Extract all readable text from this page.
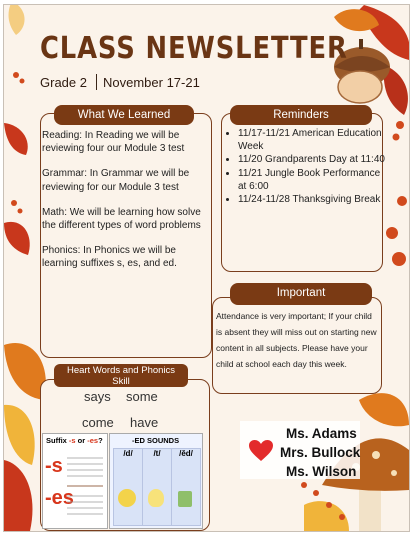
CLASS NEWSLETTER
Grade 2 November 17-21
What We Learned

Reading: In Reading we will be reviewing four our Module 3 test

Grammar: In Grammar we will be reviewing for our Module 3 test

Math: We will be learning how solve the different types of word problems

Phonics: In Phonics we will be learning suffixes s, es, and ed.

Reminders
• 11/17-11/21 American Education Week
• 11/20 Grandparents Day at 11:40
• 11/21 Jungle Book Performance at 6:00
• 11/24-11/28 Thanksgiving Break
Important
Attendance is very important; If your child is absent they will miss out on starting new content in all subjects. Please have your child at school each day this week.
Heart Words and Phonics
Skill
says some
come have
Suffix -s or -es?
-s
-es
-ED SOUNDS
/d/	/t/	/ěd/
Ms. Adams
Mrs. Bullock
Ms. Wilson
